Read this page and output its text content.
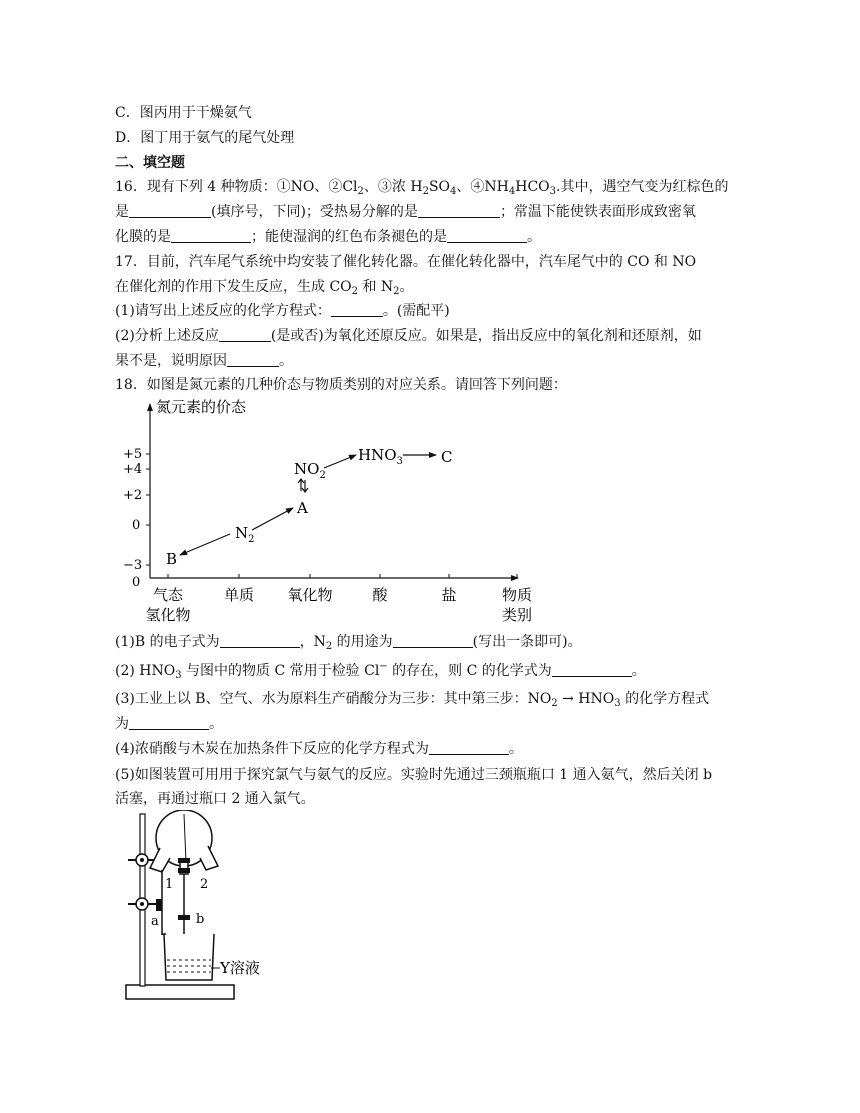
C．图丙用于干燥氨气
D．图丁用于氨气的尾气处理
二、填空题
16．现有下列 4 种物质：①NO、$②Cl_2$、③浓 $H_2SO_4$、$④NH_4HCO_3$.其中，遇空气变为红棕色的
是	(填序号，下同)；受热易分解的是	；常温下能使铁表面形成致密氧
化膜的是	；能使湿润的红色布条褪色的是	。
17．目前，汽车尾气系统中均安装了催化转化器。在催化转化器中，汽车尾气中的 CO 和 NO
在催化剂的作用下发生反应，生成 $CO_2$ 和 $N_2$。
(1)请写出上述反应的化学方程式：	。(需配平)
(2)分析上述反应	(是或否)为氧化还原反应。如果是，指出反应中的氧化剂和还原剂，如
果不是，说明原因	。
18．如图是氮元素的几种价态与物质类别的对应关系。请回答下列问题：
氮元素的价态
+5
+4
+2
0
−3
0
气态
氢化物
单质 氧化物	酸	盐	物质
类别
B
$N_2$
A
$NO_2$
$HNO_3$	C
(1)B 的电子式为	，$N_2$ 的用途为	(写出一条即可)。
(2) $HNO_3$ 与图中的物质 C 常用于检验 Cl− 的存在，则 C 的化学式为	。
(3)工业上以 B、空气、水为原料生产硝酸分为三步：其中第三步：$NO_2 \to HNO_3$ 的化学方程式
为	。
(4)浓硝酸与木炭在加热条件下反应的化学方程式为	。
(5)如图装置可用用于探究氯气与氨气的反应。实验时先通过三颈瓶瓶口 1 通入氨气，然后关闭 b
活塞，再通过瓶口 2 通入氯气。
1 2
a	b
Y溶液
